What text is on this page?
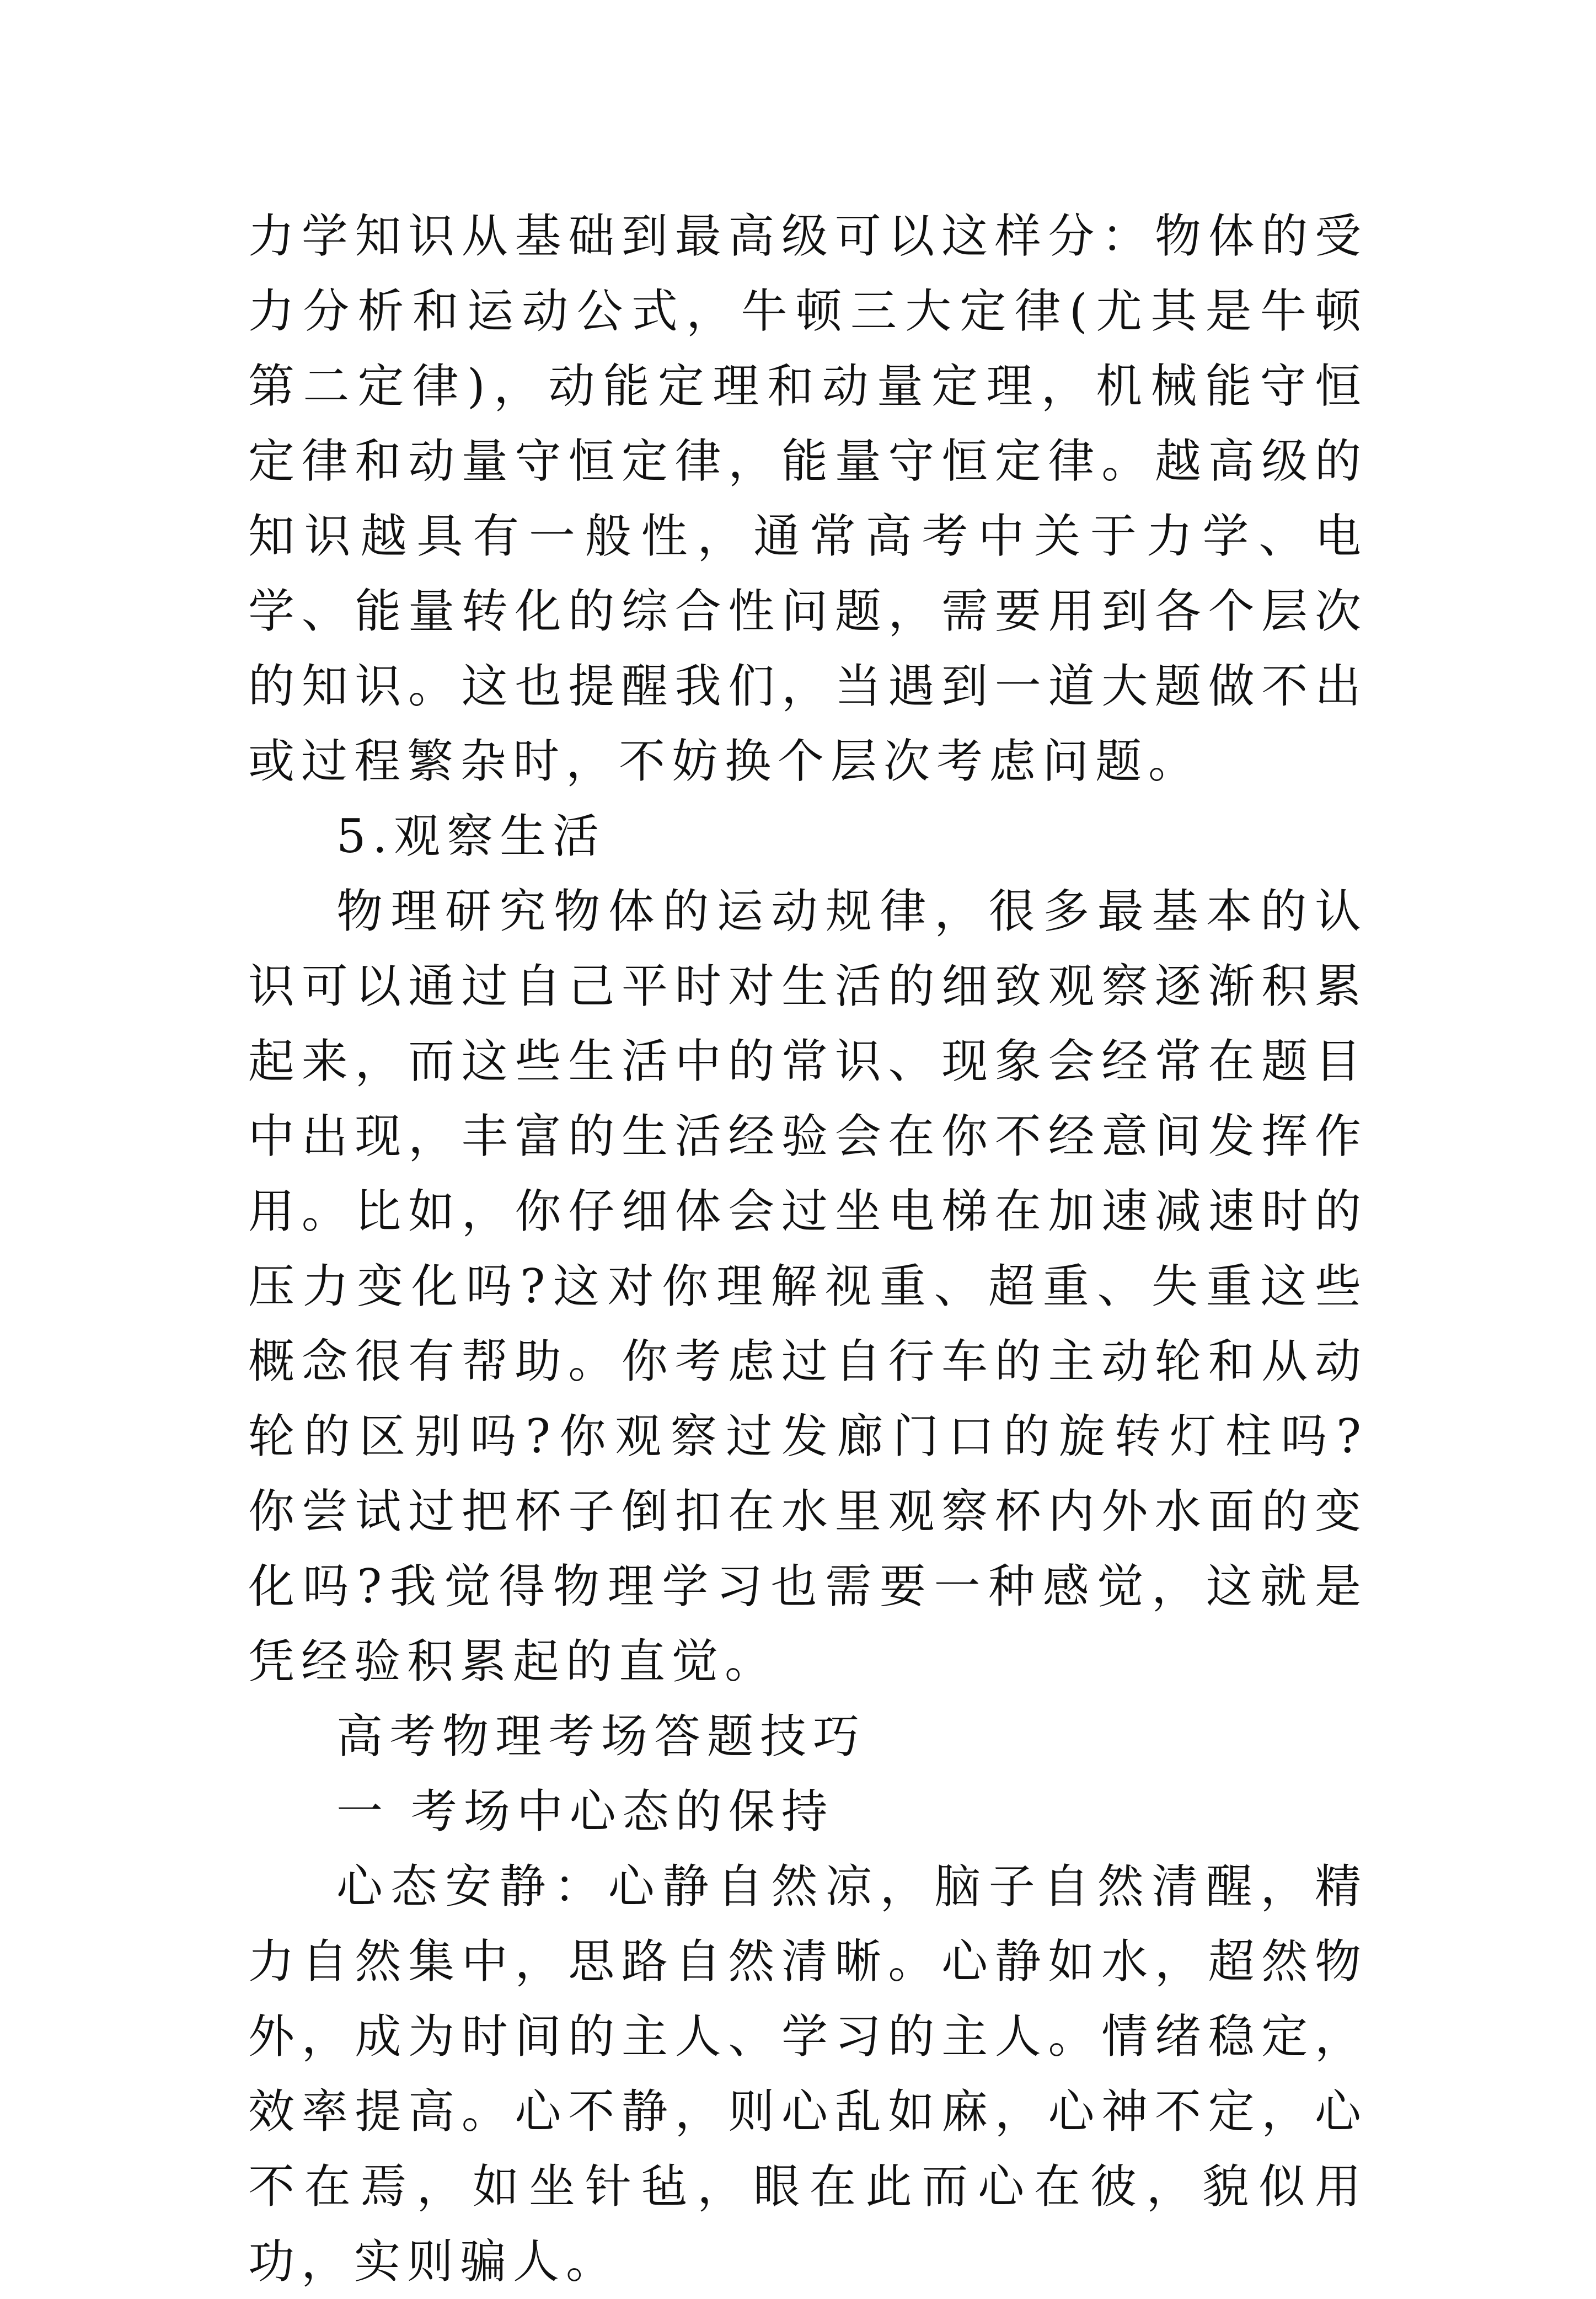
力学知识从基础到最高级可以这样分：物体的受力分析和运动公式，牛顿三大定律(尤其是牛顿第二定律)，动能定理和动量定理，机械能守恒定律和动量守恒定律，能量守恒定律。越高级的知识越具有一般性，通常高考中关于力学、电学、能量转化的综合性问题，需要用到各个层次的知识。这也提醒我们，当遇到一道大题做不出或过程繁杂时，不妨换个层次考虑问题。

5.观察生活

物理研究物体的运动规律，很多最基本的认识可以通过自己平时对生活的细致观察逐渐积累起来，而这些生活中的常识、现象会经常在题目中出现，丰富的生活经验会在你不经意间发挥作用。比如，你仔细体会过坐电梯在加速减速时的压力变化吗?这对你理解视重、超重、失重这些概念很有帮助。你考虑过自行车的主动轮和从动轮的区别吗?你观察过发廊门口的旋转灯柱吗?你尝试过把杯子倒扣在水里观察杯内外水面的变化吗?我觉得物理学习也需要一种感觉，这就是凭经验积累起的直觉。

高考物理考场答题技巧

一 考场中心态的保持

心态安静：心静自然凉，脑子自然清醒，精力自然集中，思路自然清晰。心静如水，超然物外，成为时间的主人、学习的主人。情绪稳定，效率提高。心不静，则心乱如麻，心神不定，心不在焉，如坐针毡，眼在此而心在彼，貌似用功，实则骗人。
